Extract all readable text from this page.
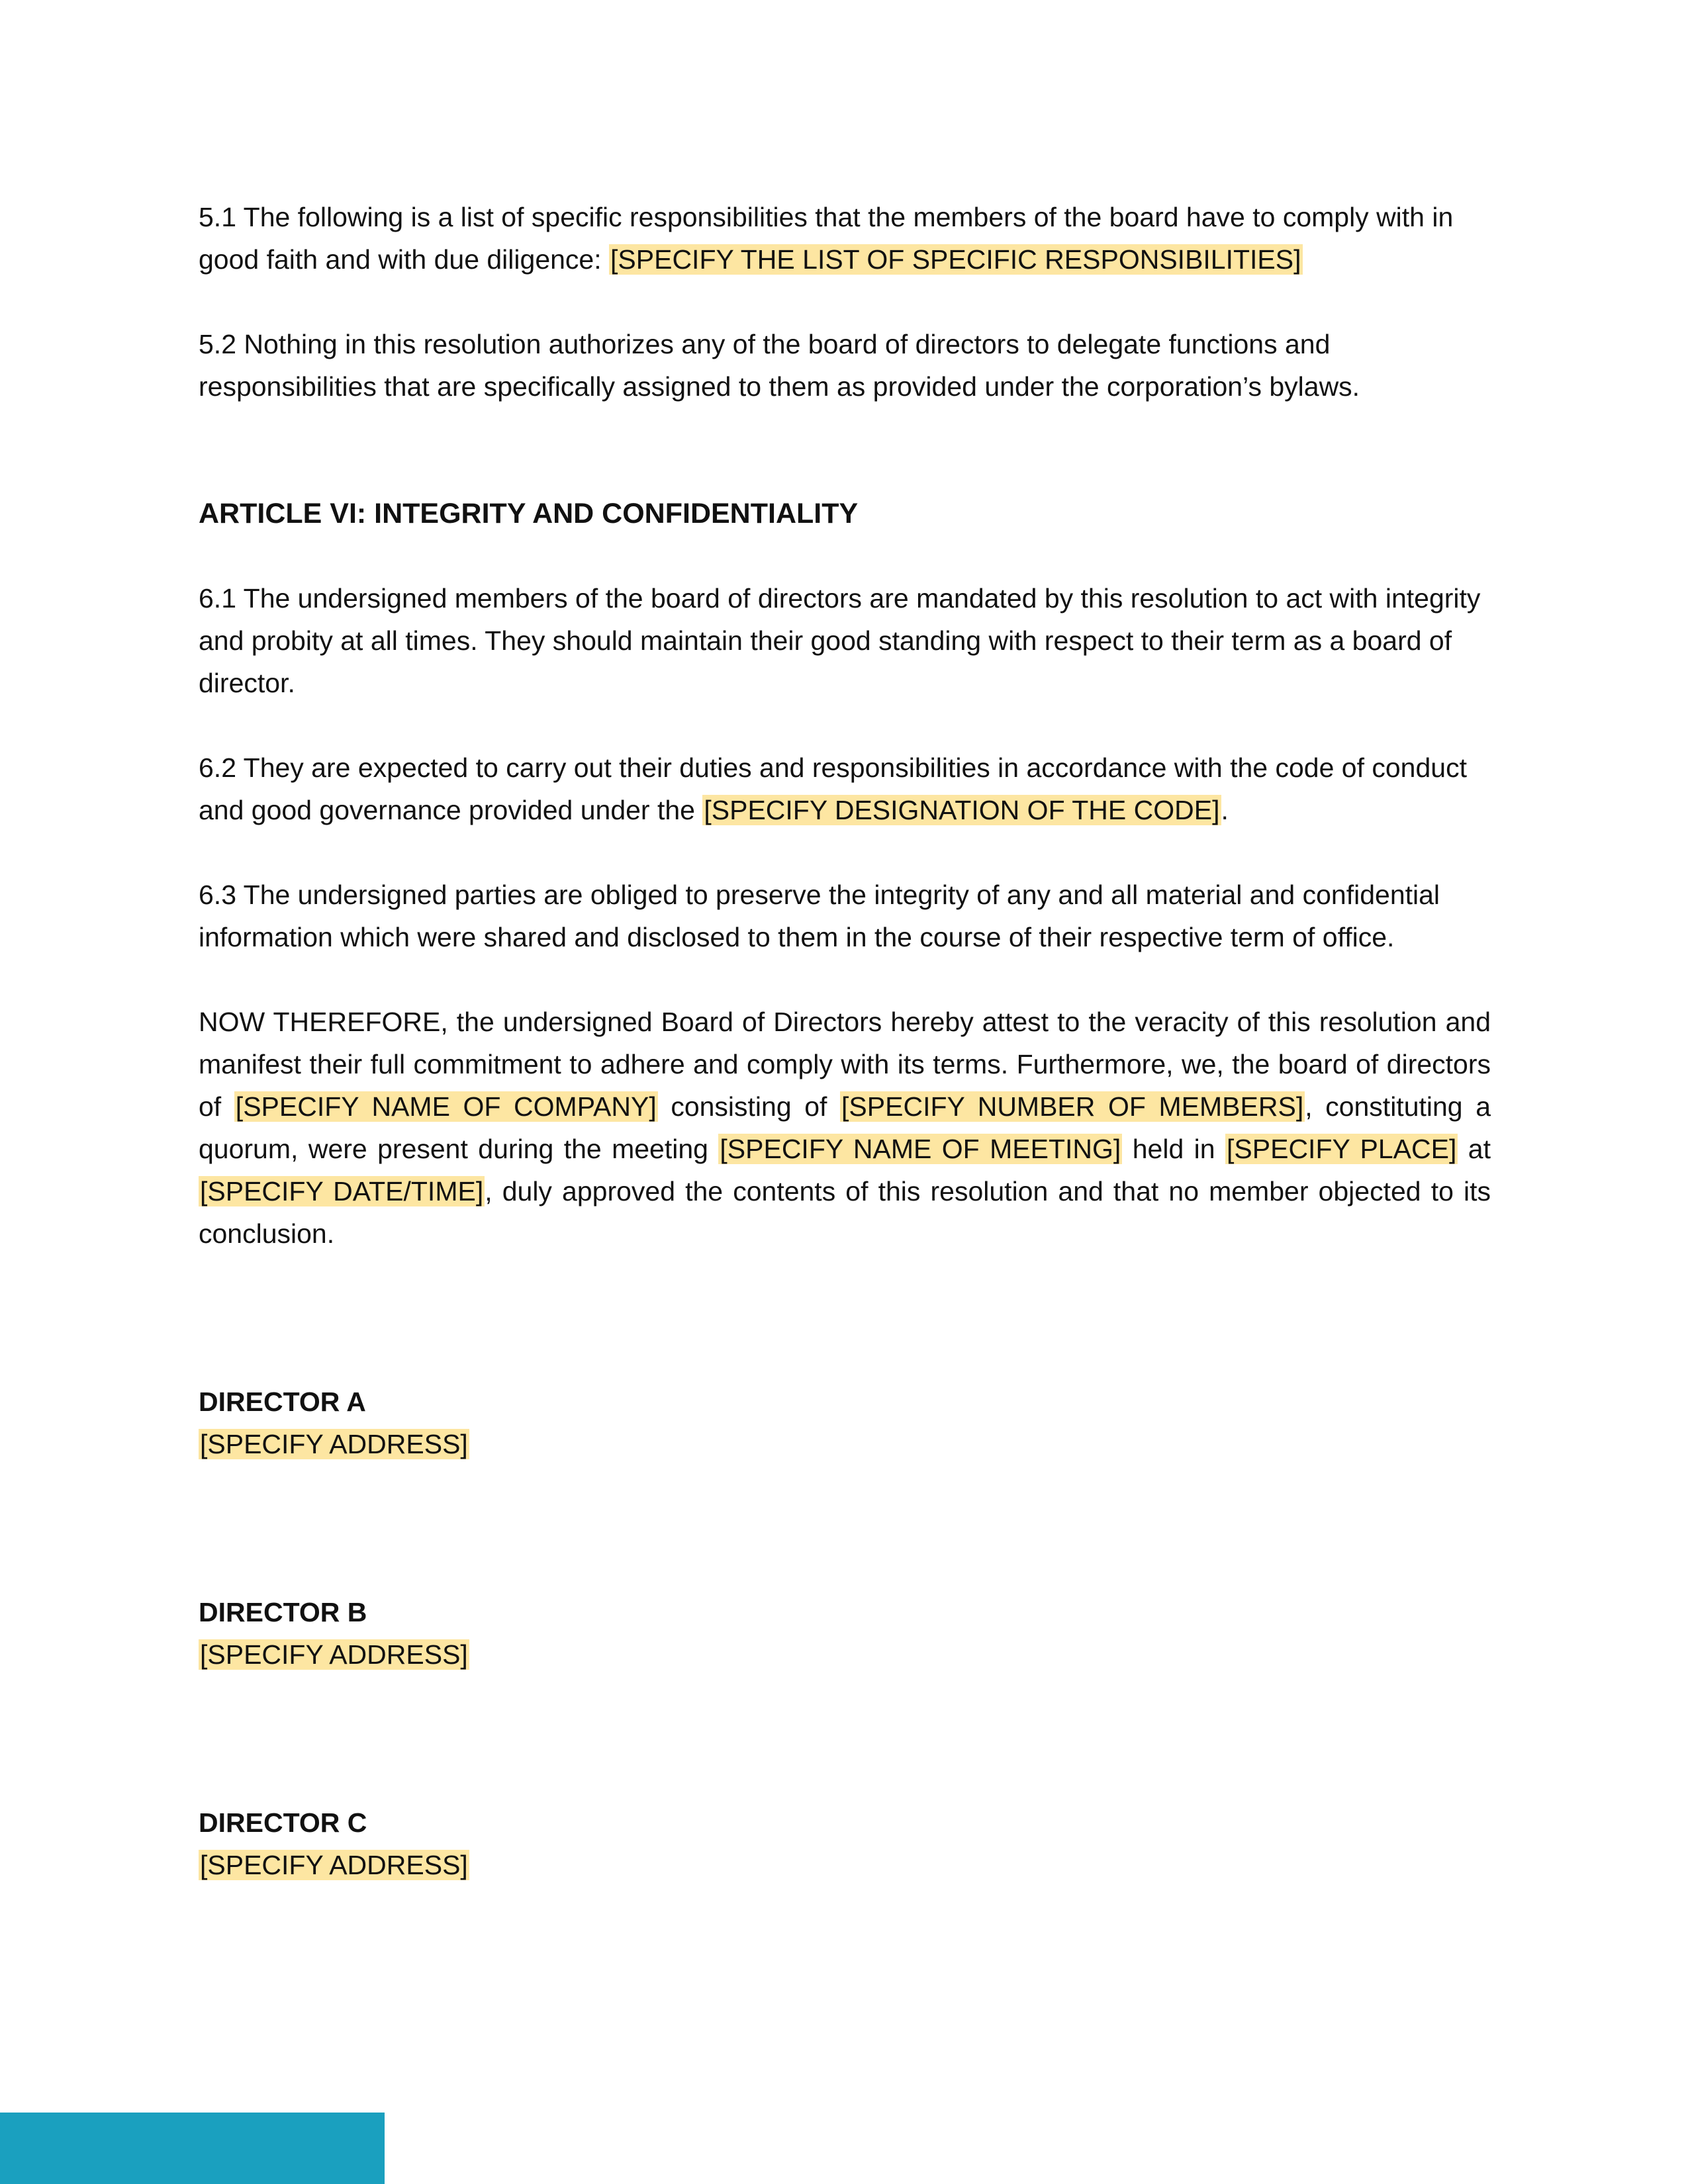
5.1 The following is a list of specific responsibilities that the members of the board have to comply with in good faith and with due diligence: [SPECIFY THE LIST OF SPECIFIC RESPONSIBILITIES]

5.2 Nothing in this resolution authorizes any of the board of directors to delegate functions and responsibilities that are specifically assigned to them as provided under the corporation’s bylaws.

ARTICLE VI: INTEGRITY AND CONFIDENTIALITY

6.1 The undersigned members of the board of directors are mandated by this resolution to act with integrity and probity at all times. They should maintain their good standing with respect to their term as a board of director.

6.2 They are expected to carry out their duties and responsibilities in accordance with the code of conduct and good governance provided under the [SPECIFY DESIGNATION OF THE CODE].

6.3 The undersigned parties are obliged to preserve the integrity of any and all material and confidential information which were shared and disclosed to them in the course of their respective term of office.

NOW THEREFORE, the undersigned Board of Directors hereby attest to the veracity of this resolution and manifest their full commitment to adhere and comply with its terms. Furthermore, we, the board of directors of [SPECIFY NAME OF COMPANY] consisting of [SPECIFY NUMBER OF MEMBERS], constituting a quorum, were present during the meeting [SPECIFY NAME OF MEETING] held in [SPECIFY PLACE] at [SPECIFY DATE/TIME], duly approved the contents of this resolution and that no member objected to its conclusion.

DIRECTOR A

[SPECIFY ADDRESS]

DIRECTOR B

[SPECIFY ADDRESS]

DIRECTOR C

[SPECIFY ADDRESS]
